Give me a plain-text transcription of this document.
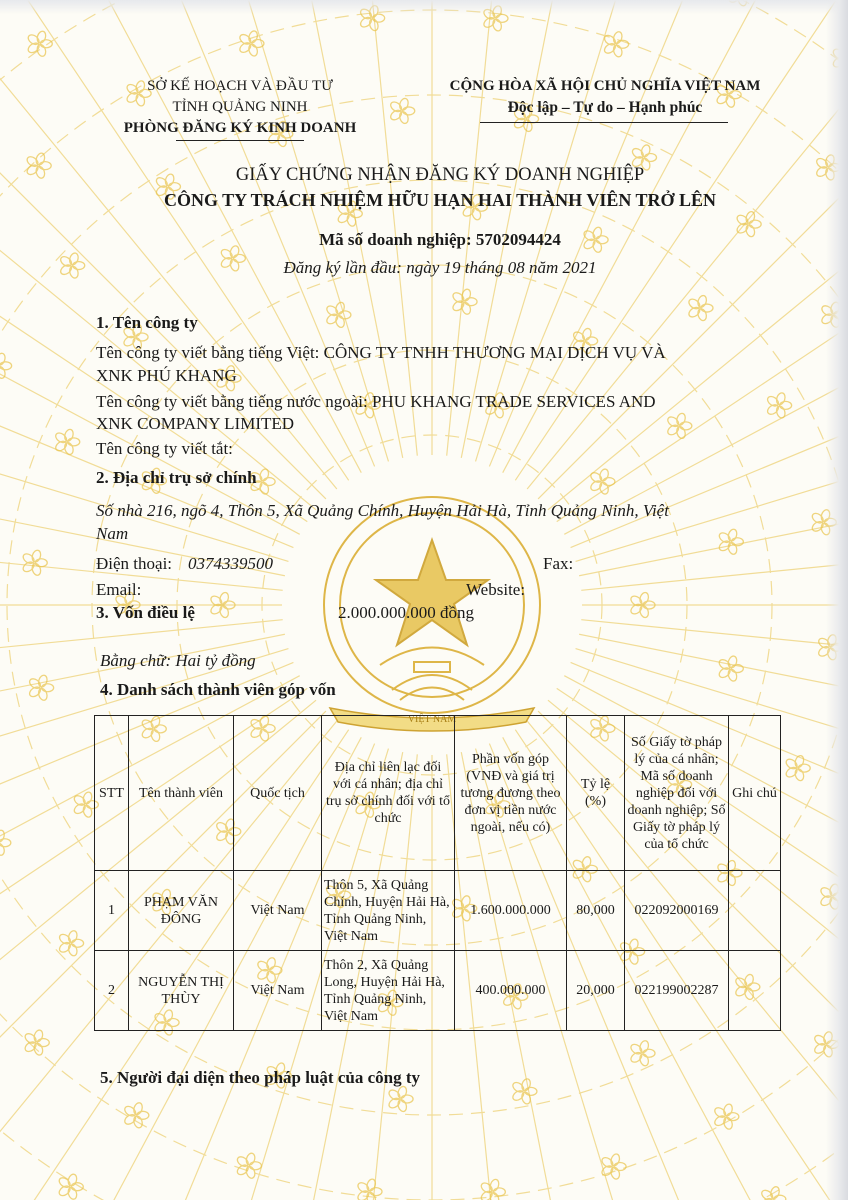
VIỆT NAM
SỞ KẾ HOẠCH VÀ ĐẦU TƯ
TỈNH QUẢNG NINH
PHÒNG ĐĂNG KÝ KINH DOANH
CỘNG HÒA XÃ HỘI CHỦ NGHĨA VIỆT NAM
Độc lập – Tự do – Hạnh phúc
GIẤY CHỨNG NHẬN ĐĂNG KÝ DOANH NGHIỆP
CÔNG TY TRÁCH NHIỆM HỮU HẠN HAI THÀNH VIÊN TRỞ LÊN
Mã số doanh nghiệp: 5702094424
Đăng ký lần đầu: ngày 19 tháng 08 năm 2021
1. Tên công ty
Tên công ty viết bằng tiếng Việt: CÔNG TY TNHH THƯƠNG MẠI DỊCH VỤ VÀ
XNK PHÚ KHANG
Tên công ty viết bằng tiếng nước ngoài: PHU KHANG TRADE SERVICES AND
XNK COMPANY LIMITED
Tên công ty viết tắt:
2. Địa chỉ trụ sở chính
Số nhà 216, ngõ 4, Thôn 5, Xã Quảng Chính, Huyện Hải Hà, Tỉnh Quảng Ninh, Việt
Nam
Điện thoại: 0374339500	Fax:
Email:	Website:
3. Vốn điều lệ	2.000.000.000 đồng
Bằng chữ: Hai tỷ đồng
4. Danh sách thành viên góp vốn
STT	Tên thành viên	Quốc tịch	Địa chỉ liên lạc đối với cá nhân; địa chỉ trụ sở chính đối với tổ chức	Phần vốn góp (VNĐ và giá trị tương đương theo đơn vị tiền nước ngoài, nếu có)	Tỷ lệ (%)	Số Giấy tờ pháp lý của cá nhân; Mã số doanh nghiệp đối với doanh nghiệp; Số Giấy tờ pháp lý của tổ chức	Ghi chú
1	PHẠM VĂN ĐÔNG	Việt Nam	Thôn 5, Xã Quảng Chính, Huyện Hải Hà, Tỉnh Quảng Ninh, Việt Nam	1.600.000.000	80,000	022092000169	
2	NGUYỄN THỊ THÙY	Việt Nam	Thôn 2, Xã Quảng Long, Huyện Hải Hà, Tỉnh Quảng Ninh, Việt Nam	400.000.000	20,000	022199002287	
5. Người đại diện theo pháp luật của công ty
